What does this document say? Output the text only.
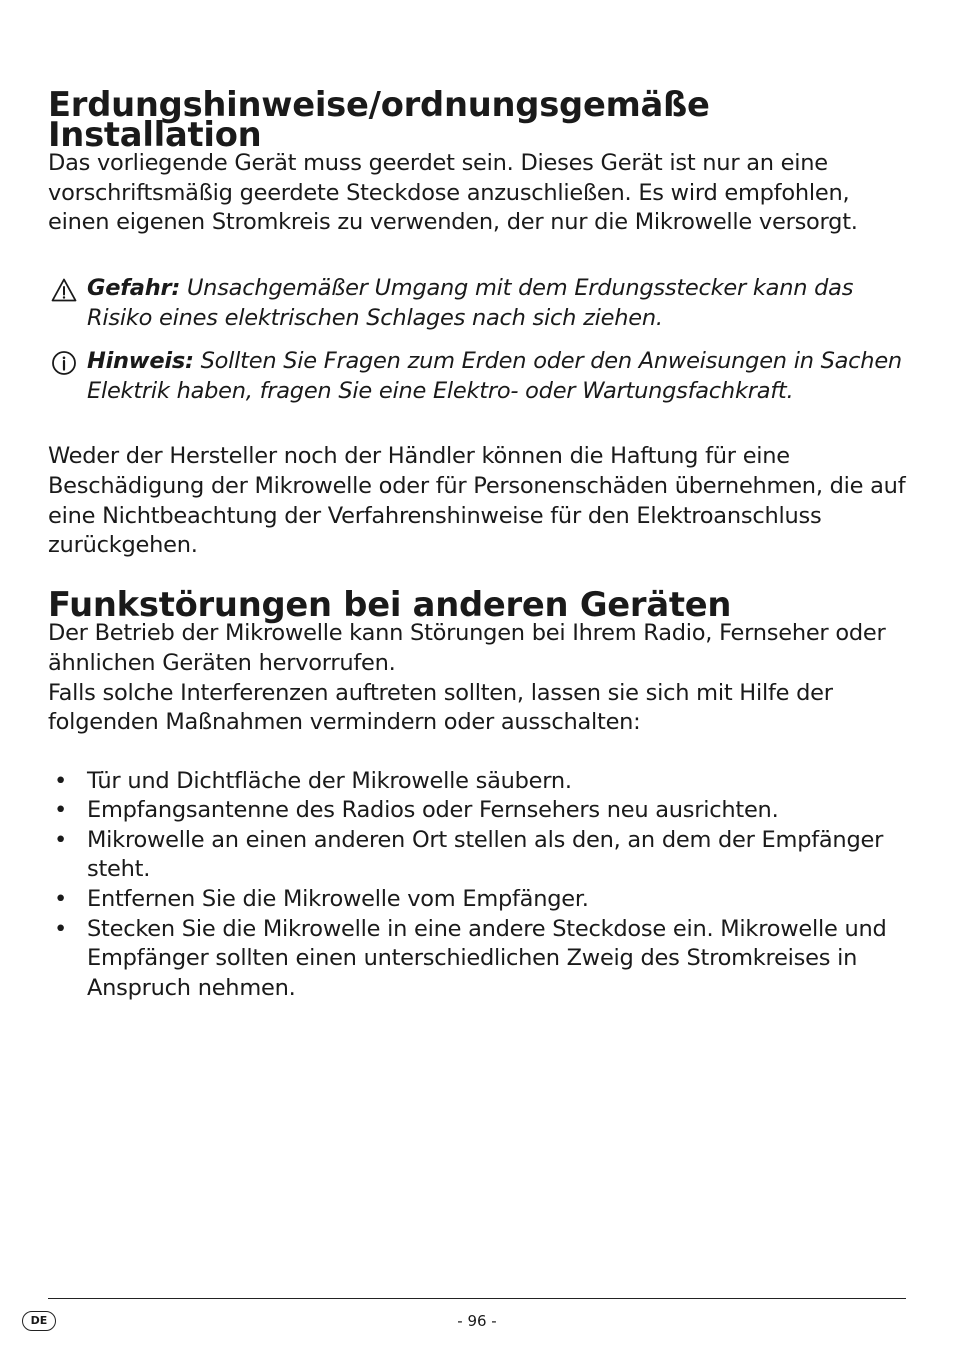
Erdungshinweise/ordnungsgemäße Installation

Das vorliegende Gerät muss geerdet sein. Dieses Gerät ist nur an eine vorschriftsmäßig geerdete Steckdose anzuschließen. Es wird empfohlen, einen eigenen Stromkreis zu verwenden, der nur die Mikrowelle versorgt.

Gefahr: Unsachgemäßer Umgang mit dem Erdungsstecker kann das Risiko eines elektrischen Schlages nach sich ziehen.
Hinweis: Sollten Sie Fragen zum Erden oder den Anweisungen in Sachen Elektrik haben, fragen Sie eine Elektro- oder Wartungsfachkraft.

Weder der Hersteller noch der Händler können die Haftung für eine Beschädigung der Mikrowelle oder für Personenschäden übernehmen, die auf eine Nichtbeachtung der Verfahrenshinweise für den Elektroanschluss zurückgehen.

Funkstörungen bei anderen Geräten

Der Betrieb der Mikrowelle kann Störungen bei Ihrem Radio, Fernseher oder ähnlichen Geräten hervorrufen.

Falls solche Interferenzen auftreten sollten, lassen sie sich mit Hilfe der folgenden Maßnahmen vermindern oder ausschalten:

• Tür und Dichtfläche der Mikrowelle säubern.
• Empfangsantenne des Radios oder Fernsehers neu ausrichten.
• Mikrowelle an einen anderen Ort stellen als den, an dem der Empfänger steht.
• Entfernen Sie die Mikrowelle vom Empfänger.
• Stecken Sie die Mikrowelle in eine andere Steckdose ein. Mikrowelle und Empfänger sollten einen unterschiedlichen Zweig des Stromkreises in Anspruch nehmen.
DE	- 96 -
